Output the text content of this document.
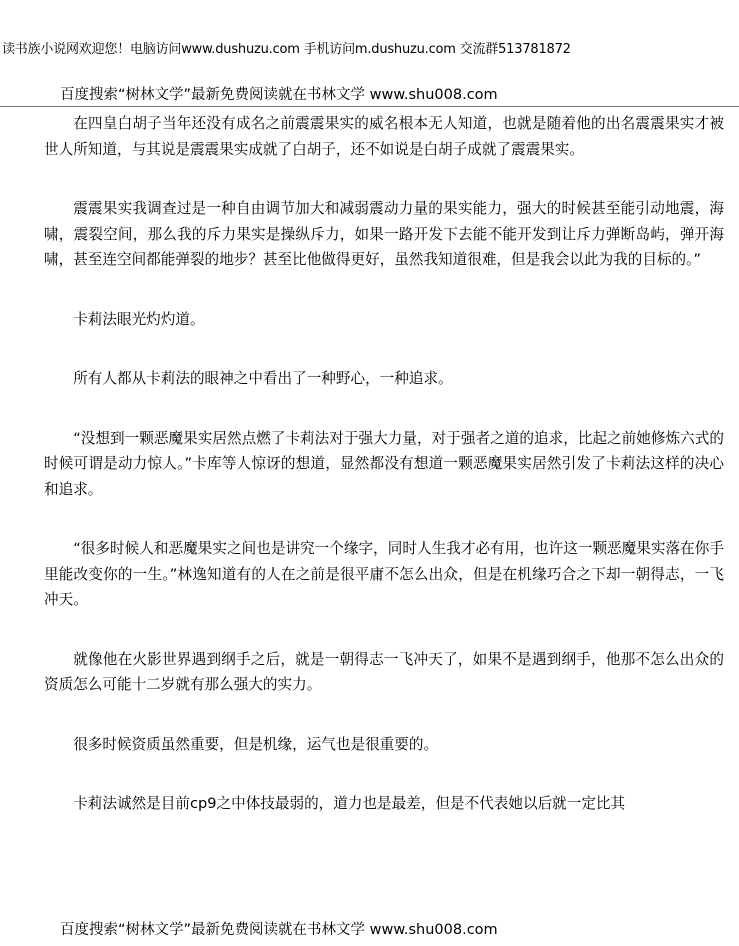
读书族小说网欢迎您！电脑访问www.dushuzu.com 手机访问m.dushuzu.com 交流群513781872
百度搜索“树林文学”最新免费阅读就在书林文学 www.shu008.com

在四皇白胡子当年还没有成名之前震震果实的威名根本无人知道，也就是随着他的出名震震果实才被世人所知道，与其说是震震果实成就了白胡子，还不如说是白胡子成就了震震果实。

震震果实我调查过是一种自由调节加大和减弱震动力量的果实能力，强大的时候甚至能引动地震，海啸，震裂空间，那么我的斥力果实是操纵斥力，如果一路开发下去能不能开发到让斥力弹断岛屿，弹开海啸，甚至连空间都能弹裂的地步？甚至比他做得更好，虽然我知道很难，但是我会以此为我的目标的。”

卡莉法眼光灼灼道。

所有人都从卡莉法的眼神之中看出了一种野心，一种追求。

“没想到一颗恶魔果实居然点燃了卡莉法对于强大力量，对于强者之道的追求，比起之前她修炼六式的时候可谓是动力惊人。”卡库等人惊讶的想道，显然都没有想道一颗恶魔果实居然引发了卡莉法这样的决心和追求。

“很多时候人和恶魔果实之间也是讲究一个缘字，同时人生我才必有用，也许这一颗恶魔果实落在你手里能改变你的一生。”林逸知道有的人在之前是很平庸不怎么出众，但是在机缘巧合之下却一朝得志，一飞冲天。

就像他在火影世界遇到纲手之后，就是一朝得志一飞冲天了，如果不是遇到纲手，他那不怎么出众的资质怎么可能十二岁就有那么强大的实力。

很多时候资质虽然重要，但是机缘，运气也是很重要的。

卡莉法诚然是目前cp9之中体技最弱的，道力也是最差，但是不代表她以后就一定比其

百度搜索“树林文学”最新免费阅读就在书林文学 www.shu008.com
